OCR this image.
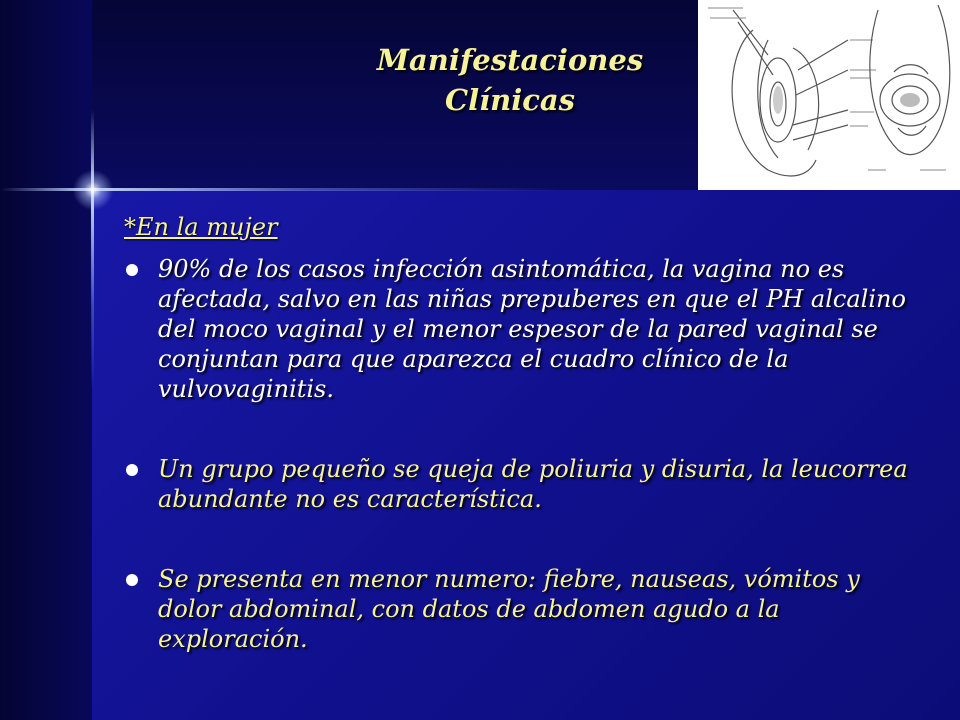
Manifestaciones
Clínicas
*En la mujer
90% de los casos infección asintomática, la vagina no es afectada, salvo en las niñas prepuberes en que el PH alcalino del moco vaginal y el menor espesor de la pared vaginal se conjuntan para que aparezca el cuadro clínico de la vulvovaginitis.
Un grupo pequeño se queja de poliuria y disuria, la leucorrea abundante no es característica.
Se presenta en menor numero: fiebre, nauseas, vómitos y dolor abdominal, con datos de abdomen agudo a la exploración.
